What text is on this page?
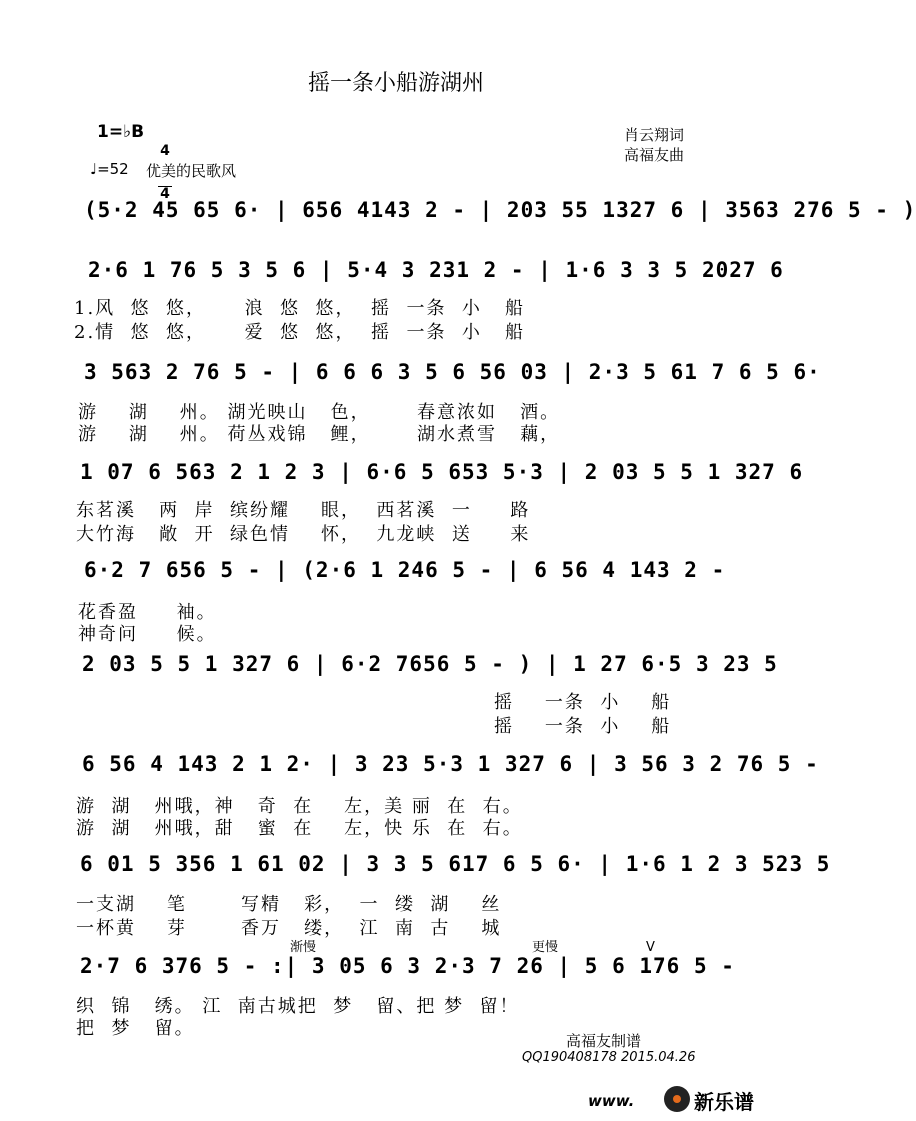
摇一条小船游湖州
1=♭B

4

4

♩=52 优美的民歌风
肖云翔词
高福友曲
(5·2 45 65 6· | 656 4143 2 - | 203 55 1327 6 | 3563 276 5 - )
2·6 1 76 5 3 5 6 | 5·4 3 231 2 - | 1·6 3 3 5 2027 6
1.风  悠  悠，     浪  悠  悠，  摇  一条  小   船
2.情  悠  悠，     爱  悠  悠，  摇  一条  小   船
3 563 2 76 5 - | 6 6 6 3 5 6 56 03 | 2·3 5 61 7 6 5 6·
游    湖    州。 湖光映山   色，      春意浓如   酒。
游    湖    州。 荷丛戏锦   鲤，      湖水煮雪   藕，
1 07 6 563 2 1 2 3 | 6·6 5 653 5·3 | 2 03 5 5 1 327 6
东茗溪   两  岸  缤纷耀    眼，  西茗溪  一     路
大竹海   敞  开  绿色情    怀，  九龙峡  送     来
6·2 7 656 5 - | (2·6 1 246 5 - | 6 56 4 143 2 -
花香盈     袖。
神奇问     候。
2 03 5 5 1 327 6 | 6·2 7656 5 - ) | 1 27 6·5 3 23 5
摇    一条  小    船
摇    一条  小    船
6 56 4 143 2 1 2· | 3 23 5·3 1 327 6 | 3 56 3 2 76 5 -
游  湖   州哦，神   奇  在    左，美 丽  在  右。
游  湖   州哦，甜   蜜  在    左，快 乐  在  右。
6 01 5 356 1 61 02 | 3 3 5 617 6 5 6· | 1·6 1 2 3 523 5
一支湖    笔       写精   彩，  一  缕  湖    丝
一杯黄    芽       香万   缕，  江  南  古    城
渐慢	更慢	V
2·7 6 376 5 - :| 3 05 6 3 2·3 7 26 | 5 6 176 5 -
织  锦   绣。 江  南古城把  梦   留、把 梦  留！
把  梦   留。
高福友制谱
QQ190408178 2015.04.26
www.	新乐谱
